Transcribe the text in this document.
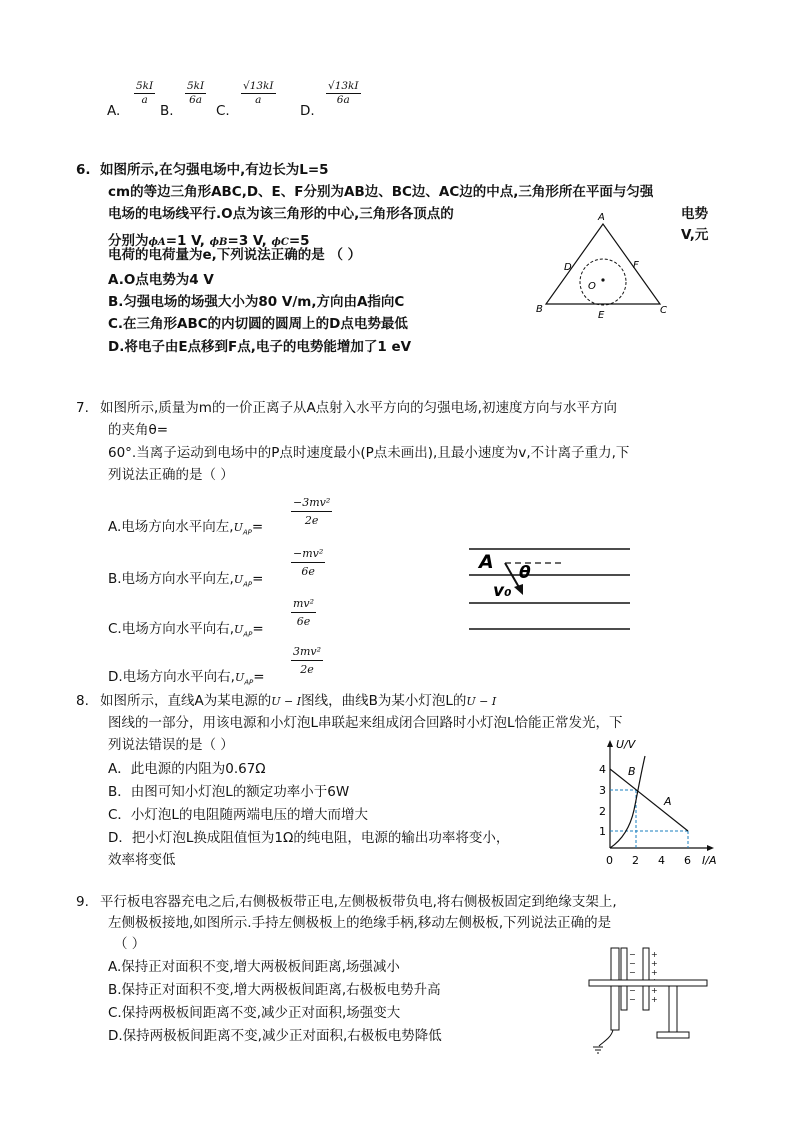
A.
$\frac{5kI}{a}$
B.
$\frac{5kI}{6a}$
C.
$\frac{√13kI}{a}$
D.
$\frac{√13kI}{6a}$
6. 如图所示,在匀强电场中,有边长为L=5
cm的等边三角形ABC,D、E、F分别为AB边、BC边、AC边的中点,三角形所在平面与匀强
电场的电场线平行.O点为该三角形的中心,三角形各顶点的	电势
分别为ϕA=1 V, ϕB=3 V, ϕC=5	V,元
电荷的电荷量为e,下列说法正确的是 （ ）
A.O点电势为4 V
B.匀强电场的场强大小为80 V/m,方向由A指向C
C.在三角形ABC的内切圆的圆周上的D点电势最低
D.将电子由E点移到F点,电子的电势能增加了1 eV
A
B	C
D
E
F
O
7. 如图所示,质量为m的一价正离子从A点射入水平方向的匀强电场,初速度方向与水平方向
的夹角θ=
60°.当离子运动到电场中的P点时速度最小(P点未画出),且最小速度为v,不计离子重力,下
列说法正确的是（ ）
A.电场方向水平向左$,U_{AP}=$	$\frac{\text{−3mv²}}{2e}$
B.电场方向水平向左$,U_{AP}=$	$\frac{\text{−mv²}}{6e}$
C.电场方向水平向右$,U_{AP}= \frac{\text{mv²}}{6e}$
D.电场方向水平向右$,U_{AP}= \frac{\text{3mv²}}{2e}$
A θ
v₀
8. 如图所示，直线A为某电源的U − I图线，曲线B为某小灯泡L的U − I
图线的一部分，用该电源和小灯泡L串联起来组成闭合回路时小灯泡L恰能正常发光，下
列说法错误的是（ ）
A．此电源的内阻为0.67Ω
B．由图可知小灯泡L的额定功率小于6W
C．小灯泡L的电阻随两端电压的增大而增大
D．把小灯泡L换成阻值恒为1Ω的纯电阻，电源的输出功率将变小，
效率将变低
U/V
I/A
4
3
2
1
0 2 4 6
B
A
9. 平行板电容器充电之后,右侧极板带正电,左侧极板带负电,将右侧极板固定到绝缘支架上,
左侧极板接地,如图所示.手持左侧极板上的绝缘手柄,移动左侧极板,下列说法正确的是
（ ）
A.保持正对面积不变,增大两极板间距离,场强减小
B.保持正对面积不变,增大两极板间距离,右极板电势升高
C.保持两极板间距离不变,减少正对面积,场强变大
D.保持两极板间距离不变,减少正对面积,右极板电势降低
−
−
−
−
−
+
+
+
+
+
